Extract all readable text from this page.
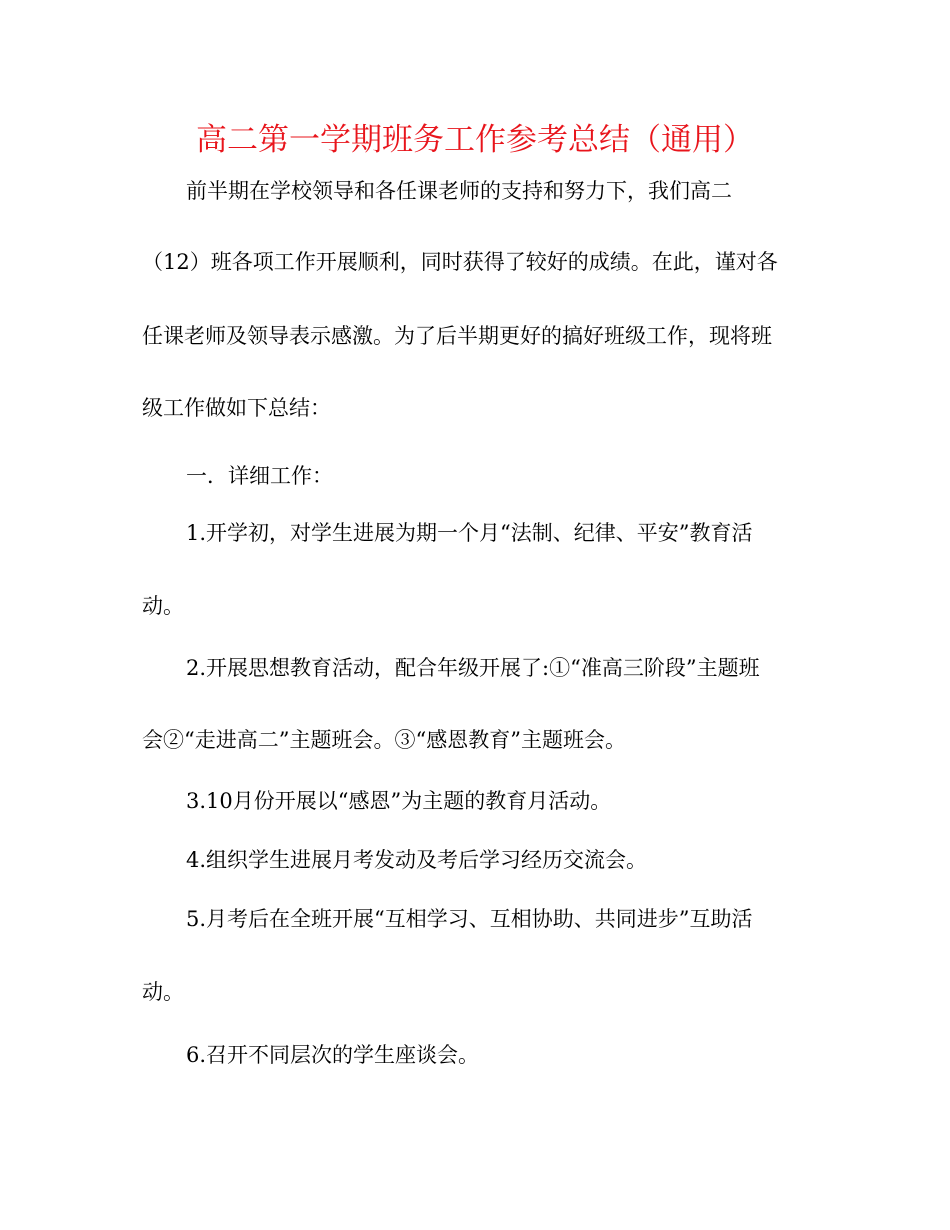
高二第一学期班务工作参考总结（通用）

前半期在学校领导和各任课老师的支持和努力下，我们高二

（12）班各项工作开展顺利，同时获得了较好的成绩。在此，谨对各

任课老师及领导表示感激。为了后半期更好的搞好班级工作，现将班

级工作做如下总结：

一．详细工作：

1.开学初，对学生进展为期一个月“法制、纪律、平安”教育活

动。

2.开展思想教育活动，配合年级开展了:①“准高三阶段”主题班

会②“走进高二”主题班会。③“感恩教育”主题班会。

3.10月份开展以“感恩”为主题的教育月活动。

4.组织学生进展月考发动及考后学习经历交流会。

5.月考后在全班开展“互相学习、互相协助、共同进步”互助活

动。

6.召开不同层次的学生座谈会。
